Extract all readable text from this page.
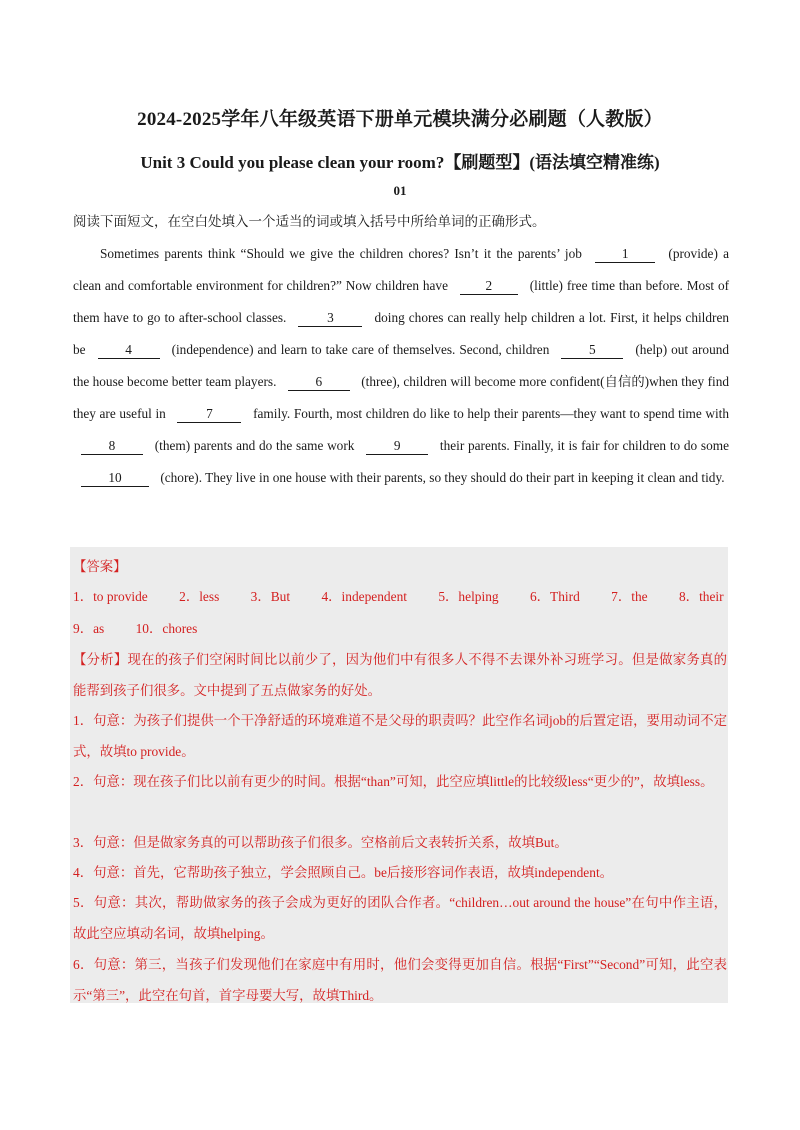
2024-2025学年八年级英语下册单元模块满分必刷题（人教版）
Unit 3 Could you please clean your room?【刷题型】(语法填空精准练)
01
阅读下面短文，在空白处填入一个适当的词或填入括号中所给单词的正确形式。
Sometimes parents think “Should we give the children chores? Isn’t it the parents’ job	1	(provide) a clean and comfortable environment for children?” Now children have	2	(little) free time than before. Most of them have to go to after-school classes.	3	doing chores can really help children a lot. First, it helps children be	4	(independence) and learn to take care of themselves. Second, children	5	(help) out around the house become better team players.	6	(three), children will become more confident(自信的)when they find they are useful in	7	family. Fourth, most children do like to help their parents—they want to spend time with 8	(them) parents and do the same work	9	their parents. Finally, it is fair for children to do some 10	(chore). They live in one house with their parents, so they should do their part in keeping it clean and tidy.
【答案】
1．to provide 2．less 3．But 4．independent 5．helping 6．Third 7．the 8．their
9．as 10．chores
【分析】现在的孩子们空闲时间比以前少了，因为他们中有很多人不得不去课外补习班学习。但是做家务真的能帮到孩子们很多。文中提到了五点做家务的好处。
1．句意：为孩子们提供一个干净舒适的环境难道不是父母的职责吗？此空作名词job的后置定语，要用动词不定式，故填to provide。
2．句意：现在孩子们比以前有更少的时间。根据“than”可知，此空应填little的比较级less“更少的”，故填less。
3．句意：但是做家务真的可以帮助孩子们很多。空格前后文表转折关系，故填But。
4．句意：首先，它帮助孩子独立，学会照顾自己。be后接形容词作表语，故填independent。
5．句意：其次，帮助做家务的孩子会成为更好的团队合作者。“children…out around the house”在句中作主语，故此空应填动名词，故填helping。
6．句意：第三，当孩子们发现他们在家庭中有用时，他们会变得更加自信。根据“First”“Second”可知，此空表示“第三”，此空在句首，首字母要大写，故填Third。
